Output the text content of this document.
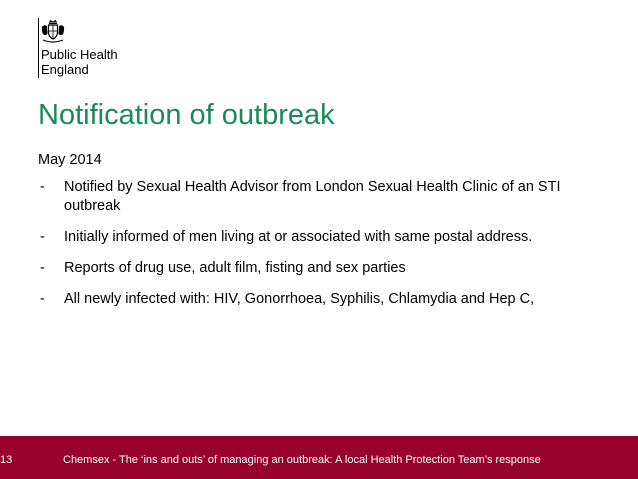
Public Health
England
Notification of outbreak
May 2014
- Notified by Sexual Health Advisor from London Sexual Health Clinic of an STI outbreak
- Initially informed of men living at or associated with same postal address.
- Reports of drug use, adult film, fisting and sex parties
- All newly infected with: HIV, Gonorrhoea, Syphilis, Chlamydia and Hep C,
13	Chemsex - The ‘ins and outs’ of managing an outbreak: A local Health Protection Team’s response
